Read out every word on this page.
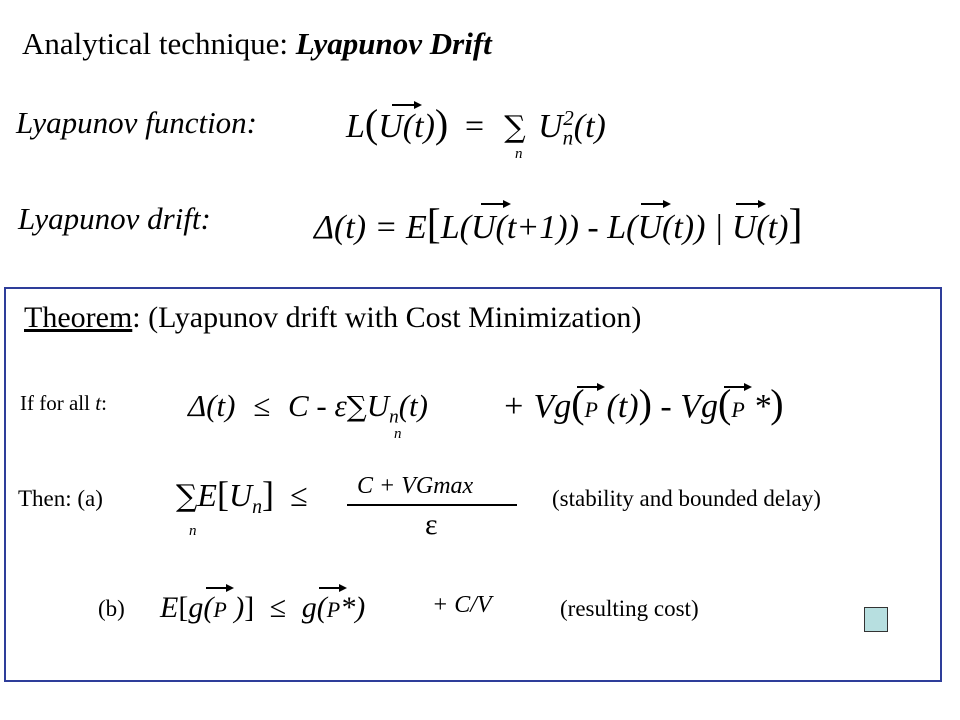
Analytical technique: Lyapunov Drift
Lyapunov function:	L(
U(t)) = ∑ $U_n^2(t)$
n
Lyapunov drift:	Δ(t) = E[L(
U(t+1)) - L(
U(t)) |
U(t)]
Theorem: (Lyapunov drift with Cost Minimization)
If for all t:	$\Delta(t) \le C - \varepsilon\sum U_n(t)$
n
+ Vg(
P (t)) - Vg(
P *)
Then: (a) $\sum E[U_n]$ ≤
n
C + VGmax
ε
(stability and bounded delay)
(b) E[g(
P )] ≤ g(
P*)	+ C/V	(resulting cost)
